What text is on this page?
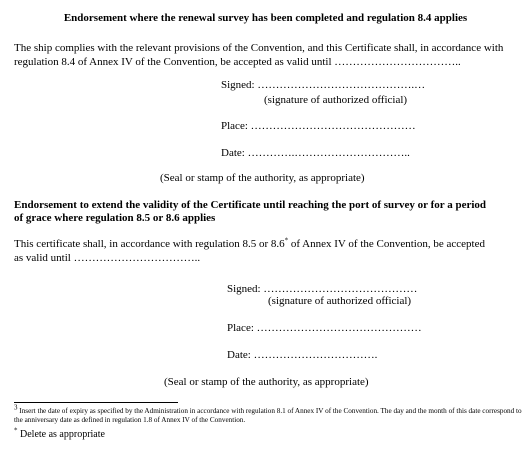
Endorsement where the renewal survey has been completed and regulation 8.4 applies
The ship complies with the relevant provisions of the Convention, and this Certificate shall, in accordance with regulation 8.4 of Annex IV of the Convention, be accepted as valid until ……………………………..
Signed: …………………………………….…
(signature of authorized official)
Place: ………………………………………
Date: ………….…………………………..
(Seal or stamp of the authority, as appropriate)
Endorsement to extend the validity of the Certificate until reaching the port of survey or for a period
of grace where regulation 8.5 or 8.6 applies
This certificate shall, in accordance with regulation 8.5 or 8.6* of Annex IV of the Convention, be accepted
as valid until ……………………………..
Signed: ……………………………………
(signature of authorized official)
Place: ………………………………………
Date: …………………………….
(Seal or stamp of the authority, as appropriate)
3 Insert the date of expiry as specified by the Administration in accordance with regulation 8.1 of Annex IV of the Convention. The day and the month of this date correspond to the anniversary date as defined in regulation 1.8 of Annex IV of the Convention.
* Delete as appropriate
